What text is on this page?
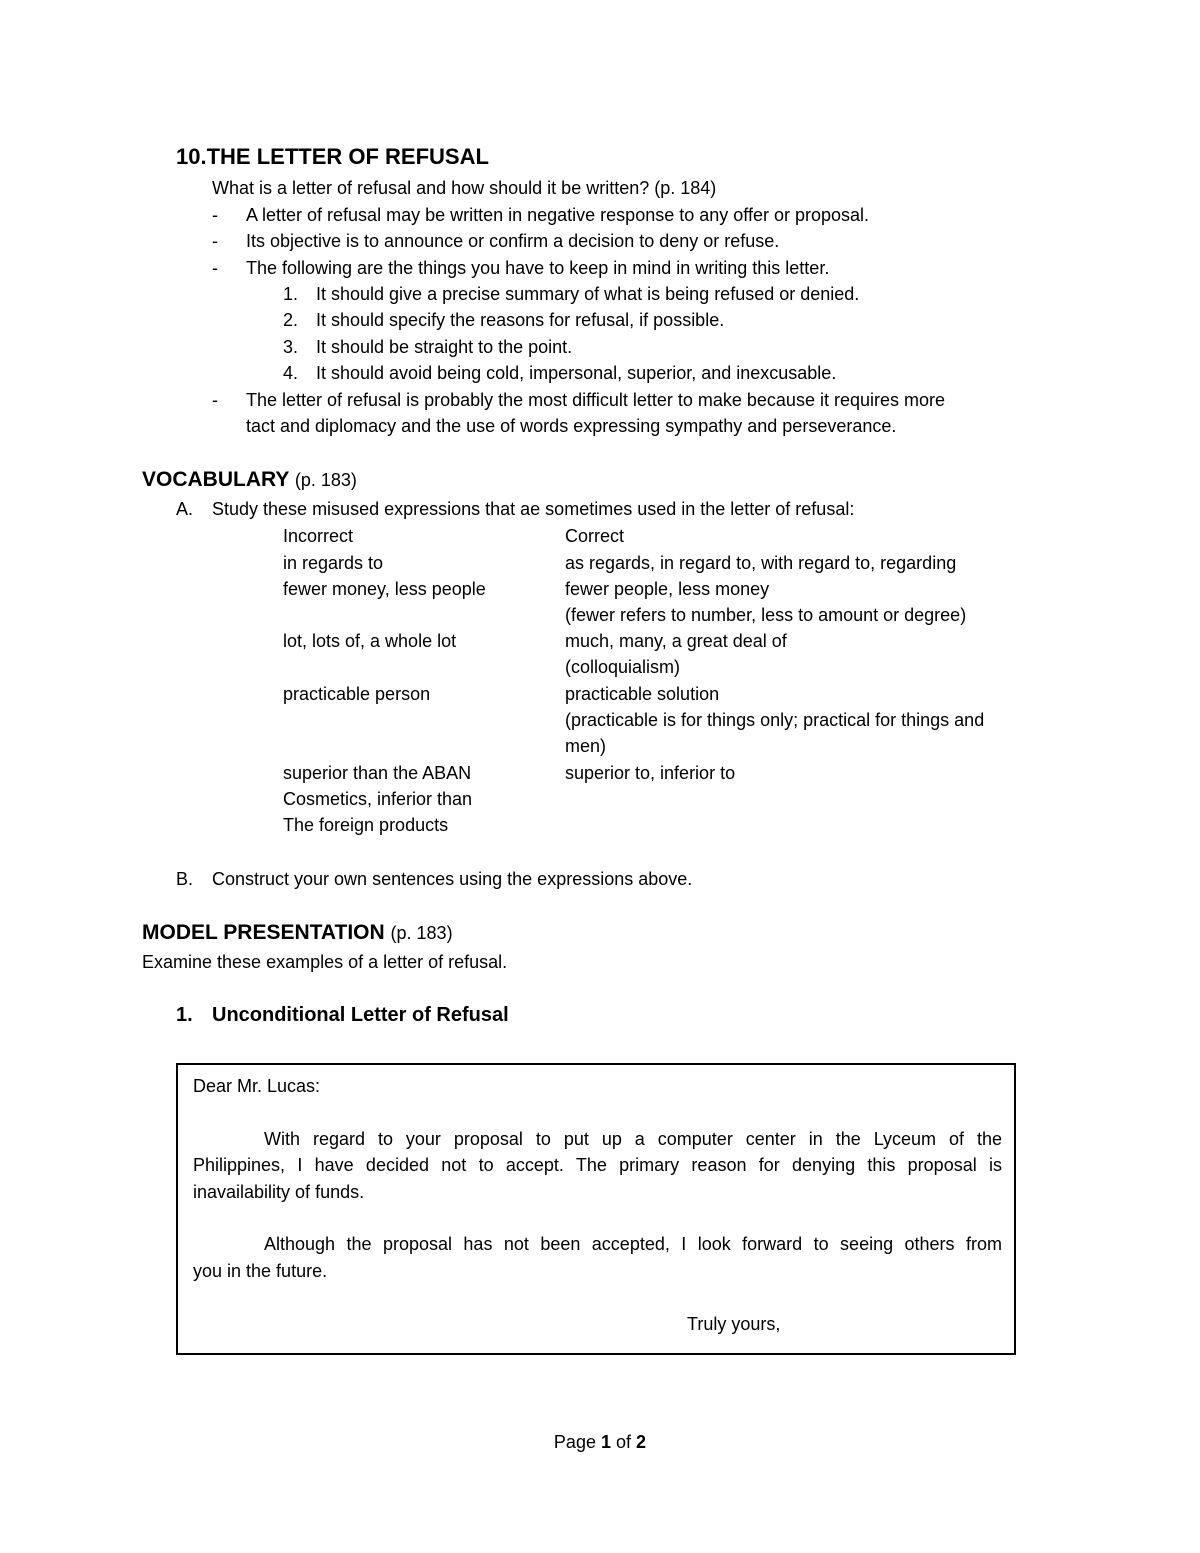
10.THE LETTER OF REFUSAL
What is a letter of refusal and how should it be written? (p. 184)
- A letter of refusal may be written in negative response to any offer or proposal.
- Its objective is to announce or confirm a decision to deny or refuse.
- The following are the things you have to keep in mind in writing this letter.
1. It should give a precise summary of what is being refused or denied.
2. It should specify the reasons for refusal, if possible.
3. It should be straight to the point.
4. It should avoid being cold, impersonal, superior, and inexcusable.
- The letter of refusal is probably the most difficult letter to make because it requires more
tact and diplomacy and the use of words expressing sympathy and perseverance.
VOCABULARY (p. 183)
A. Study these misused expressions that ae sometimes used in the letter of refusal:
Incorrect	Correct
in regards to	as regards, in regard to, with regard to, regarding
fewer money, less people	fewer people, less money
(fewer refers to number, less to amount or degree)
lot, lots of, a whole lot	much, many, a great deal of
(colloquialism)
practicable person	practicable solution
(practicable is for things only; practical for things and
men)
superior than the ABAN	superior to, inferior to
Cosmetics, inferior than
The foreign products
B. Construct your own sentences using the expressions above.
MODEL PRESENTATION (p. 183)
Examine these examples of a letter of refusal.
1. Unconditional Letter of Refusal
Dear Mr. Lucas:
With regard to your proposal to put up a computer center in the Lyceum of the
Philippines, I have decided not to accept. The primary reason for denying this proposal is
inavailability of funds.
Although the proposal has not been accepted, I look forward to seeing others from
you in the future.
Truly yours,
Page 1 of 2
